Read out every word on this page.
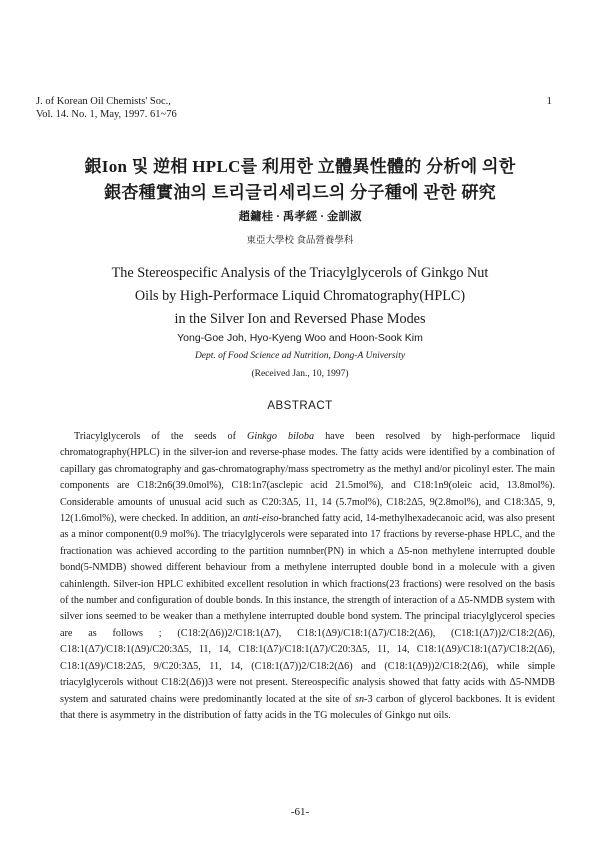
J. of Korean Oil Chemists' Soc.,
Vol. 14. No. 1, May, 1997. 61~76
1
銀Ion 및 逆相 HPLC를 利用한 立體異性體的 分析에 의한
銀杏種實油의 트리글리세리드의 分子種에 관한 硏究
趙鏞桂 · 禹孝經 · 金訓淑
東亞大學校 食品營養學科
The Stereospecific Analysis of the Triacylglycerols of Ginkgo Nut
Oils by High-Performace Liquid Chromatography(HPLC)
in the Silver Ion and Reversed Phase Modes
Yong-Goe Joh, Hyo-Kyeng Woo and Hoon-Sook Kim
Dept. of Food Science ad Nutrition, Dong-A University
(Received Jan., 10, 1997)
ABSTRACT

Triacylglycerols of the seeds of Ginkgo biloba have been resolved by high-performace liquid chromatography(HPLC) in the silver-ion and reverse-phase modes. The fatty acids were identified by a combination of capillary gas chromatography and gas-chromatography/mass spectrometry as the methyl and/or picolinyl ester. The main components are C18:2n6(39.0mol%), C18:1n7(asclepic acid 21.5mol%), and C18:1n9(oleic acid, 13.8mol%). Considerable amounts of unusual acid such as C20:3Δ5, 11, 14 (5.7mol%), C18:2Δ5, 9(2.8mol%), and C18:3Δ5, 9, 12(1.6mol%), were checked. In addition, an anti-eiso-branched fatty acid, 14-methylhexadecanoic acid, was also present as a minor component(0.9 mol%). The triacylglycerols were separated into 17 fractions by reverse-phase HPLC, and the fractionation was achieved according to the partition numnber(PN) in which a Δ5-non methylene interrupted double bond(5-NMDB) showed different behaviour from a methylene interrupted double bond in a molecule with a given cahinlength. Silver-ion HPLC exhibited excellent resolution in which fractions(23 fractions) were resolved on the basis of the number and configuration of double bonds. In this instance, the strength of interaction of a Δ5-NMDB system with silver ions seemed to be weaker than a methylene interrupted double bond system. The principal triacylglycerol species are as follows ; (C18:2(Δ6))2/C18:1(Δ7), C18:1(Δ9)/C18:1(Δ7)/C18:2(Δ6), (C18:1(Δ7))2/C18:2(Δ6), C18:1(Δ7)/C18:1(Δ9)/C20:3Δ5, 11, 14, C18:1(Δ7)/C18:1(Δ7)/C20:3Δ5, 11, 14, C18:1(Δ9)/C18:1(Δ7)/C18:2(Δ6), C18:1(Δ9)/C18:2Δ5, 9/C20:3Δ5, 11, 14, (C18:1(Δ7))2/C18:2(Δ6) and (C18:1(Δ9))2/C18:2(Δ6), while simple triacylglycerols without C18:2(Δ6))3 were not present. Stereospecific analysis showed that fatty acids with Δ5-NMDB system and saturated chains were predominantly located at the site of sn-3 carbon of glycerol backbones. It is evident that there is asymmetry in the distribution of fatty acids in the TG molecules of Ginkgo nut oils.

-61-
